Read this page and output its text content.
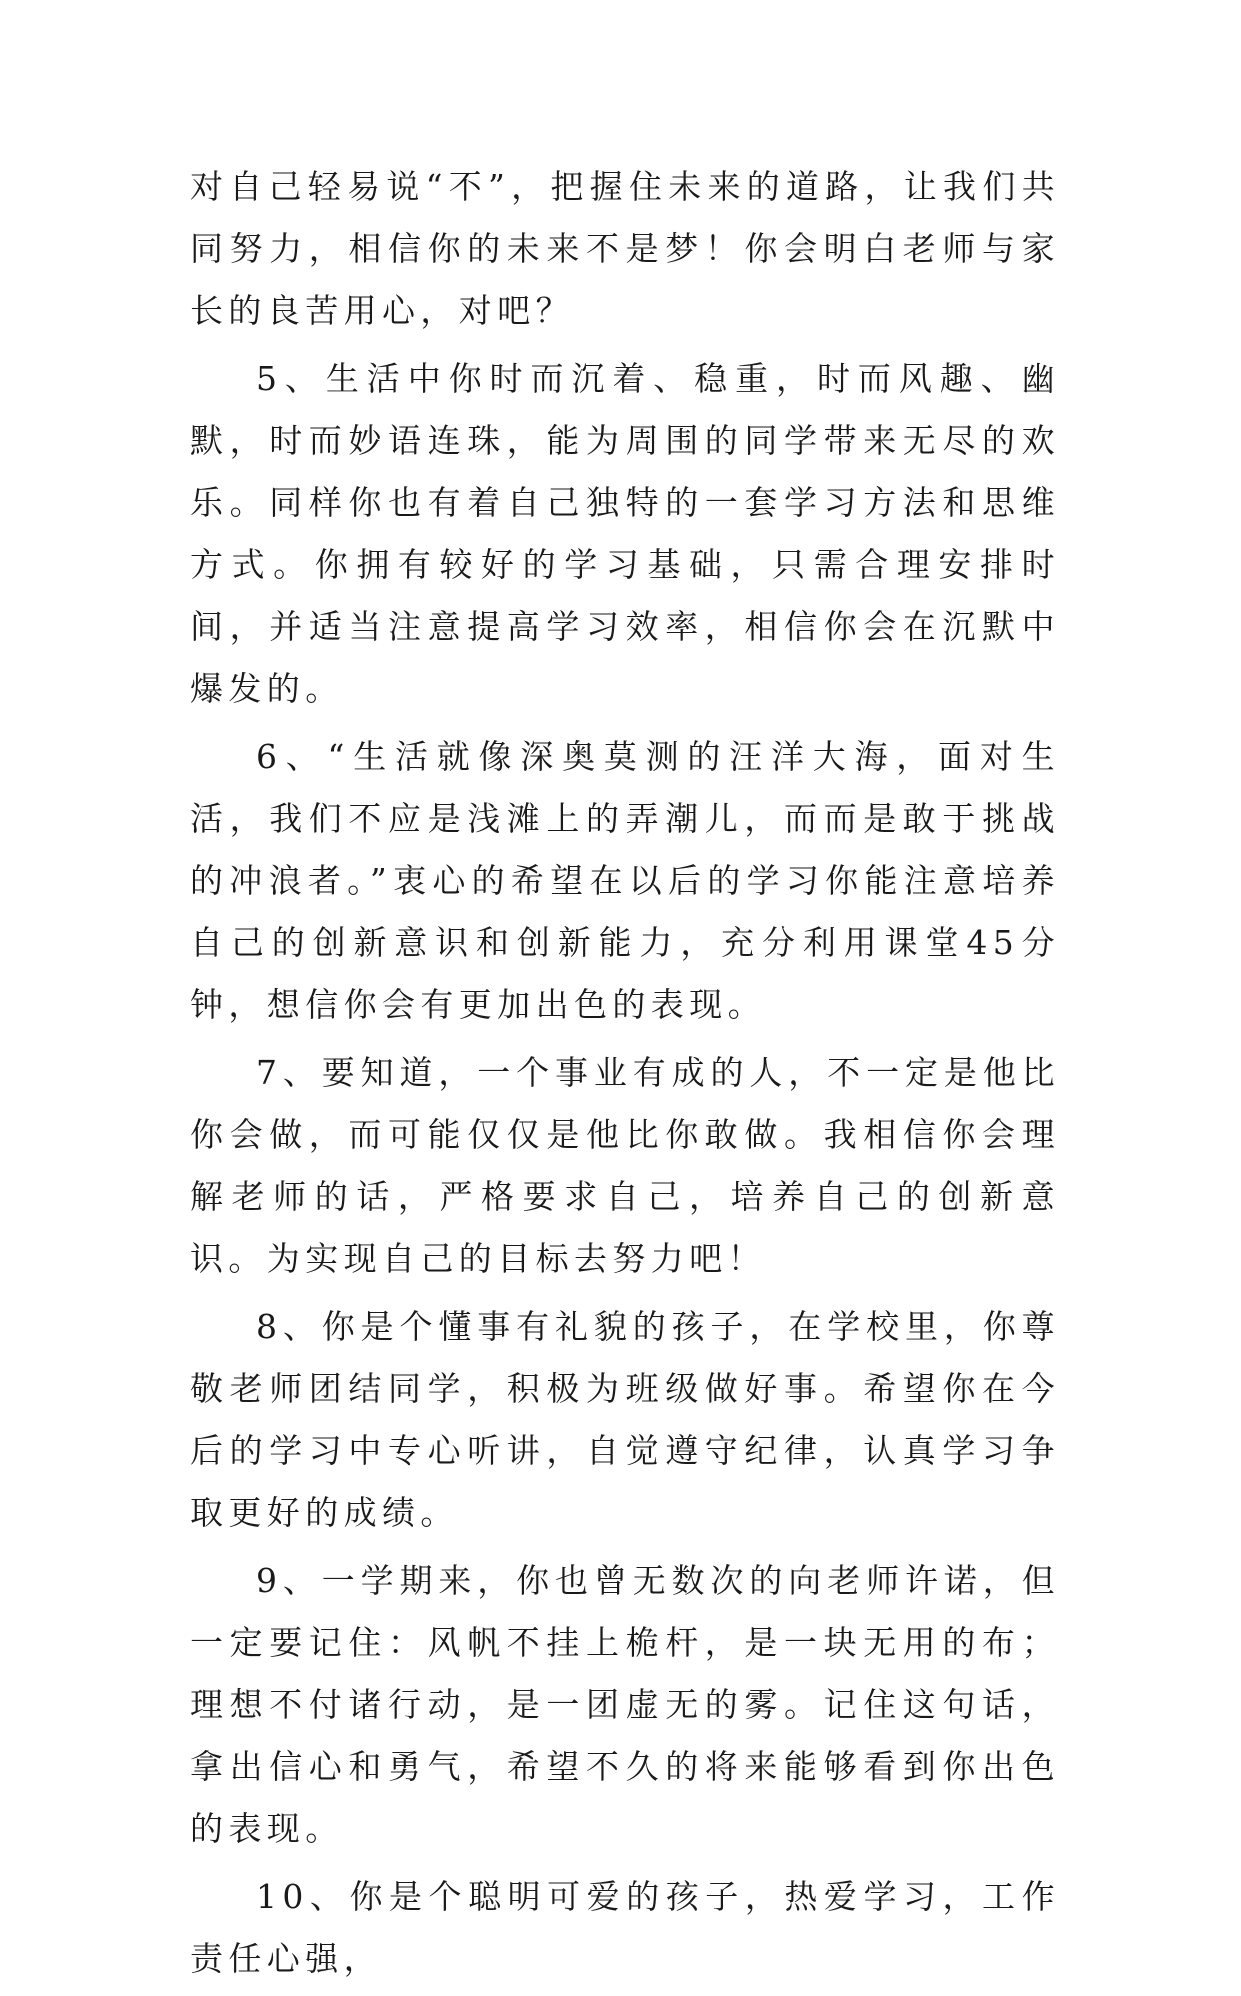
对自己轻易说“不”，把握住未来的道路，让我们共同努力，相信你的未来不是梦！你会明白老师与家长的良苦用心，对吧？

5、生活中你时而沉着、稳重，时而风趣、幽默，时而妙语连珠，能为周围的同学带来无尽的欢乐。同样你也有着自己独特的一套学习方法和思维方式。你拥有较好的学习基础，只需合理安排时间，并适当注意提高学习效率，相信你会在沉默中爆发的。

6、“生活就像深奥莫测的汪洋大海，面对生活，我们不应是浅滩上的弄潮儿，而而是敢于挑战的冲浪者。”衷心的希望在以后的学习你能注意培养自己的创新意识和创新能力，充分利用课堂45分钟，想信你会有更加出色的表现。

7、要知道，一个事业有成的人，不一定是他比你会做，而可能仅仅是他比你敢做。我相信你会理解老师的话，严格要求自己，培养自己的创新意识。为实现自己的目标去努力吧！

8、你是个懂事有礼貌的孩子，在学校里，你尊敬老师团结同学，积极为班级做好事。希望你在今后的学习中专心听讲，自觉遵守纪律，认真学习争取更好的成绩。

9、一学期来，你也曾无数次的向老师许诺，但一定要记住：风帆不挂上桅杆，是一块无用的布；理想不付诸行动，是一团虚无的雾。记住这句话，拿出信心和勇气，希望不久的将来能够看到你出色的表现。

10、你是个聪明可爱的孩子，热爱学习，工作责任心强，
